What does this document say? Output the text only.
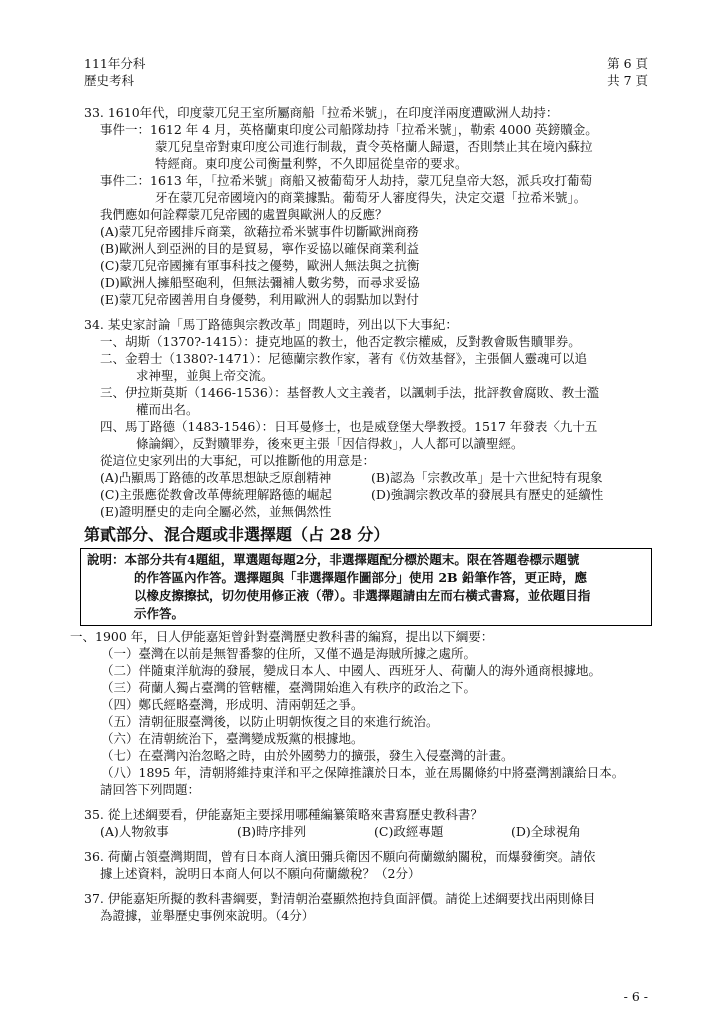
111年分科
歷史考科
第 6 頁
共 7 頁
33. 1610年代，印度蒙兀兒王室所屬商船「拉希米號」，在印度洋兩度遭歐洲人劫持：
事件一：1612 年 4 月，英格蘭東印度公司船隊劫持「拉希米號」，勒索 4000 英鎊贖金。
蒙兀兒皇帝對東印度公司進行制裁，責令英格蘭人歸還，否則禁止其在境內蘇拉
特經商。東印度公司衡量利弊，不久即屈從皇帝的要求。
事件二：1613 年，「拉希米號」商船又被葡萄牙人劫持，蒙兀兒皇帝大怒，派兵攻打葡萄
牙在蒙兀兒帝國境內的商業據點。葡萄牙人審度得失，決定交還「拉希米號」。
我們應如何詮釋蒙兀兒帝國的處置與歐洲人的反應？
(A)蒙兀兒帝國排斥商業，欲藉拉希米號事件切斷歐洲商務
(B)歐洲人到亞洲的目的是貿易，寧作妥協以確保商業利益
(C)蒙兀兒帝國擁有軍事科技之優勢，歐洲人無法與之抗衡
(D)歐洲人擁船堅砲利，但無法彌補人數劣勢，而尋求妥協
(E)蒙兀兒帝國善用自身優勢，利用歐洲人的弱點加以對付
34. 某史家討論「馬丁路德與宗教改革」問題時，列出以下大事紀：
一、胡斯（1370?-1415）：捷克地區的教士，他否定教宗權威，反對教會販售贖罪券。
二、金碧士（1380?-1471）：尼德蘭宗教作家，著有《仿效基督》，主張個人靈魂可以追
求神聖，並與上帝交流。
三、伊拉斯莫斯（1466-1536）：基督教人文主義者，以諷刺手法，批評教會腐敗、教士濫
權而出名。
四、馬丁路德（1483-1546）：日耳曼修士，也是威登堡大學教授。1517 年發表〈九十五
條論綱〉，反對贖罪券，後來更主張「因信得救」，人人都可以讀聖經。
從這位史家列出的大事紀，可以推斷他的用意是：
(A)凸顯馬丁路德的改革思想缺乏原創精神	(B)認為「宗教改革」是十六世紀特有現象
(C)主張應從教會改革傳統理解路德的崛起	(D)強調宗教改革的發展具有歷史的延續性
(E)證明歷史的走向全屬必然，並無偶然性
第貳部分、混合題或非選擇題（占 28 分）
說明：本部分共有4題組，單選題每題2分，非選擇題配分標於題末。限在答題卷標示題號
的作答區內作答。選擇題與「非選擇題作圖部分」使用 2B 鉛筆作答，更正時，應
以橡皮擦擦拭，切勿使用修正液（帶）。非選擇題請由左而右橫式書寫，並依題目指
示作答。
一、1900 年，日人伊能嘉矩曾針對臺灣歷史教科書的編寫，提出以下綱要：
（一）臺灣在以前是無智番黎的住所，又僅不過是海賊所據之處所。
（二）伴隨東洋航海的發展，變成日本人、中國人、西班牙人、荷蘭人的海外通商根據地。
（三）荷蘭人獨占臺灣的管轄權，臺灣開始進入有秩序的政治之下。
（四）鄭氏經略臺灣，形成明、清兩朝廷之爭。
（五）清朝征服臺灣後，以防止明朝恢復之目的來進行統治。
（六）在清朝統治下，臺灣變成叛黨的根據地。
（七）在臺灣內治忽略之時，由於外國勢力的擴張，發生入侵臺灣的計畫。
（八）1895 年，清朝將維持東洋和平之保障推讓於日本，並在馬關條約中將臺灣割讓給日本。
請回答下列問題：
35. 從上述綱要看，伊能嘉矩主要採用哪種編纂策略來書寫歷史教科書？
(A)人物敘事	(B)時序排列	(C)政經專題	(D)全球視角
36. 荷蘭占領臺灣期間，曾有日本商人濱田彌兵衛因不願向荷蘭繳納關稅，而爆發衝突。請依
據上述資料，說明日本商人何以不願向荷蘭繳稅？（2分）
37. 伊能嘉矩所擬的教科書綱要，對清朝治臺顯然抱持負面評價。請從上述綱要找出兩則條目
為證據，並舉歷史事例來說明。（4分）
- 6 -
